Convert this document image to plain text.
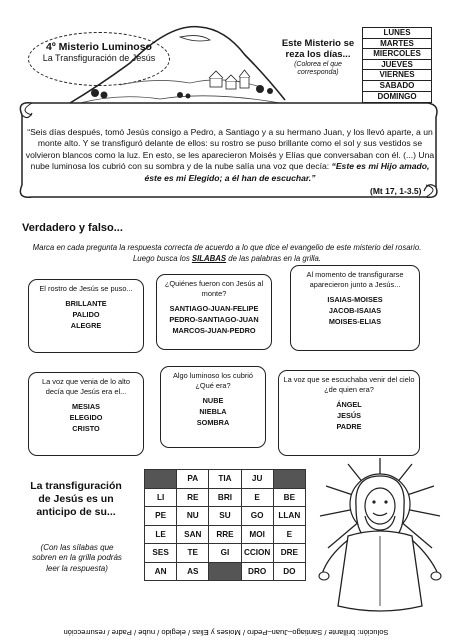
4º Misterio Luminoso
La Transfiguración de Jesús
Este Misterio se reza los días...
(Colorea el que corresponda)
LUNES
MARTES
MIERCOLES
JUEVES
VIERNES
SABADO
DOMINGO
“Seis días después, tomó Jesús consigo a Pedro, a Santiago y a su hermano Juan, y los llevó aparte, a un monte alto. Y se transfiguró delante de ellos: su rostro se puso brillante como el sol y sus vestidos se volvieron blancos como la luz. En esto, se les aparecieron Moisés y Elías que conversaban con él. (...) Una nube luminosa los cubrió con su sombra y de la nube salía una voz que decía: “Este es mi Hijo amado, éste es mi Elegido; a él han de escuchar.”
(Mt 17, 1-3.5)
Verdadero y falso...
Marca en cada pregunta la respuesta correcta de acuerdo a lo que dice el evangelio de este misterio del rosario. Luego busca los SILABAS de las palabras en la grilla.
El rostro de Jesús se puso...
BRILLANTE
PALIDO
ALEGRE
¿Quiénes fueron con Jesús al monte?
SANTIAGO-JUAN-FELIPE
PEDRO-SANTIAGO-JUAN
MARCOS-JUAN-PEDRO
Al momento de transfigurarse aparecieron junto a Jesús...
ISAIAS-MOISES
JACOB-ISAIAS
MOISES-ELIAS
La voz que venia de lo alto decía que Jesús era el...
MESIAS
ELEGIDO
CRISTO
Algo luminoso los cubrió ¿Qué era?
NUBE
NIEBLA
SOMBRA
La voz que se escuchaba venir del cielo ¿de quien era?
ÁNGEL
JESÚS
PADRE
La transfiguración de Jesús es un anticipo de su...
(Con las sílabas que sobren en la grilla podrás leer la respuesta)
	PA	TIA	JU	
LI	RE	BRI	E	BE
PE	NU	SU	GO	LLAN
LE	SAN	RRE	MOI	E
SES	TE	GI	CCION	DRE
AN	AS		DRO	DO
Solución: brillante / Santiago–Juan–Pedro / Moises y Elias / elegido / nube / Padre / resurrección
